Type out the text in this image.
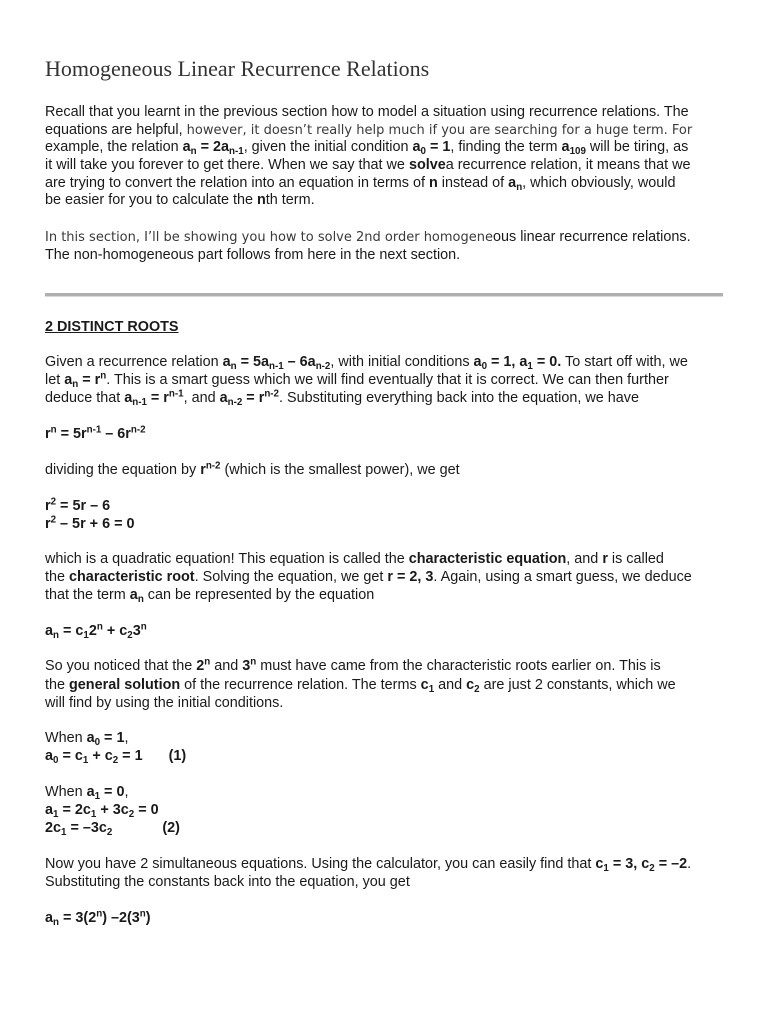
Homogeneous Linear Recurrence Relations
Recall that you learnt in the previous section how to model a situation using recurrence relations. The
equations are helpful, however, it doesn’t really help much if you are searching for a huge term. For
example, the relation $a_n = 2a_{n-1}$, given the initial condition $a_0 = 1$, finding the term $a_{109}$ will be tiring, as
it will take you forever to get there. When we say that we solvea recurrence relation, it means that we
are trying to convert the relation into an equation in terms of n instead of $a_n$, which obviously, would
be easier for you to calculate the nth term.
In this section, I’ll be showing you how to solve 2nd order homogeneous linear recurrence relations.
The non-homogeneous part follows from here in the next section.
2 DISTINCT ROOTS
Given a recurrence relation $a_n = 5a_{n-1} - 6a_{n-2}$, with initial conditions $a_0 = 1$, $a_1 = 0$. To start off with, we
let $a_n = r^n$. This is a smart guess which we will find eventually that it is correct. We can then further
deduce that $a_{n-1} = r^{n-1}$, and $a_{n-2} = r^{n-2}$. Substituting everything back into the equation, we have
$r^n = 5r^{n-1} - 6r^{n-2}$
dividing the equation by $r^{n-2}$ (which is the smallest power), we get
$r^2 = 5r - 6$
$r^2 - 5r + 6 = 0$
which is a quadratic equation! This equation is called the characteristic equation, and r is called
the characteristic root. Solving the equation, we get r = 2, 3. Again, using a smart guess, we deduce
that the term $a_n$ can be represented by the equation
$a_n = c_12^n + c_23^n$
So you noticed that the 2$^n$ and 3$^n$ must have came from the characteristic roots earlier on. This is
the general solution of the recurrence relation. The terms $c_1$ and $c_2$ are just 2 constants, which we
will find by using the initial conditions.
When $a_0 = 1$,
$a_0 = c_1 + c_2 = 1$ (1)
When $a_1 = 0$,
$a_1 = 2c_1 + 3c_2 = 0$
$2c_1 = -3c_2$	(2)
Now you have 2 simultaneous equations. Using the calculator, you can easily find that $c_1 = 3$, $c_2 = -2$.
Substituting the constants back into the equation, you get
$a_n = 3(2^n)$ –2(3$^n$)
